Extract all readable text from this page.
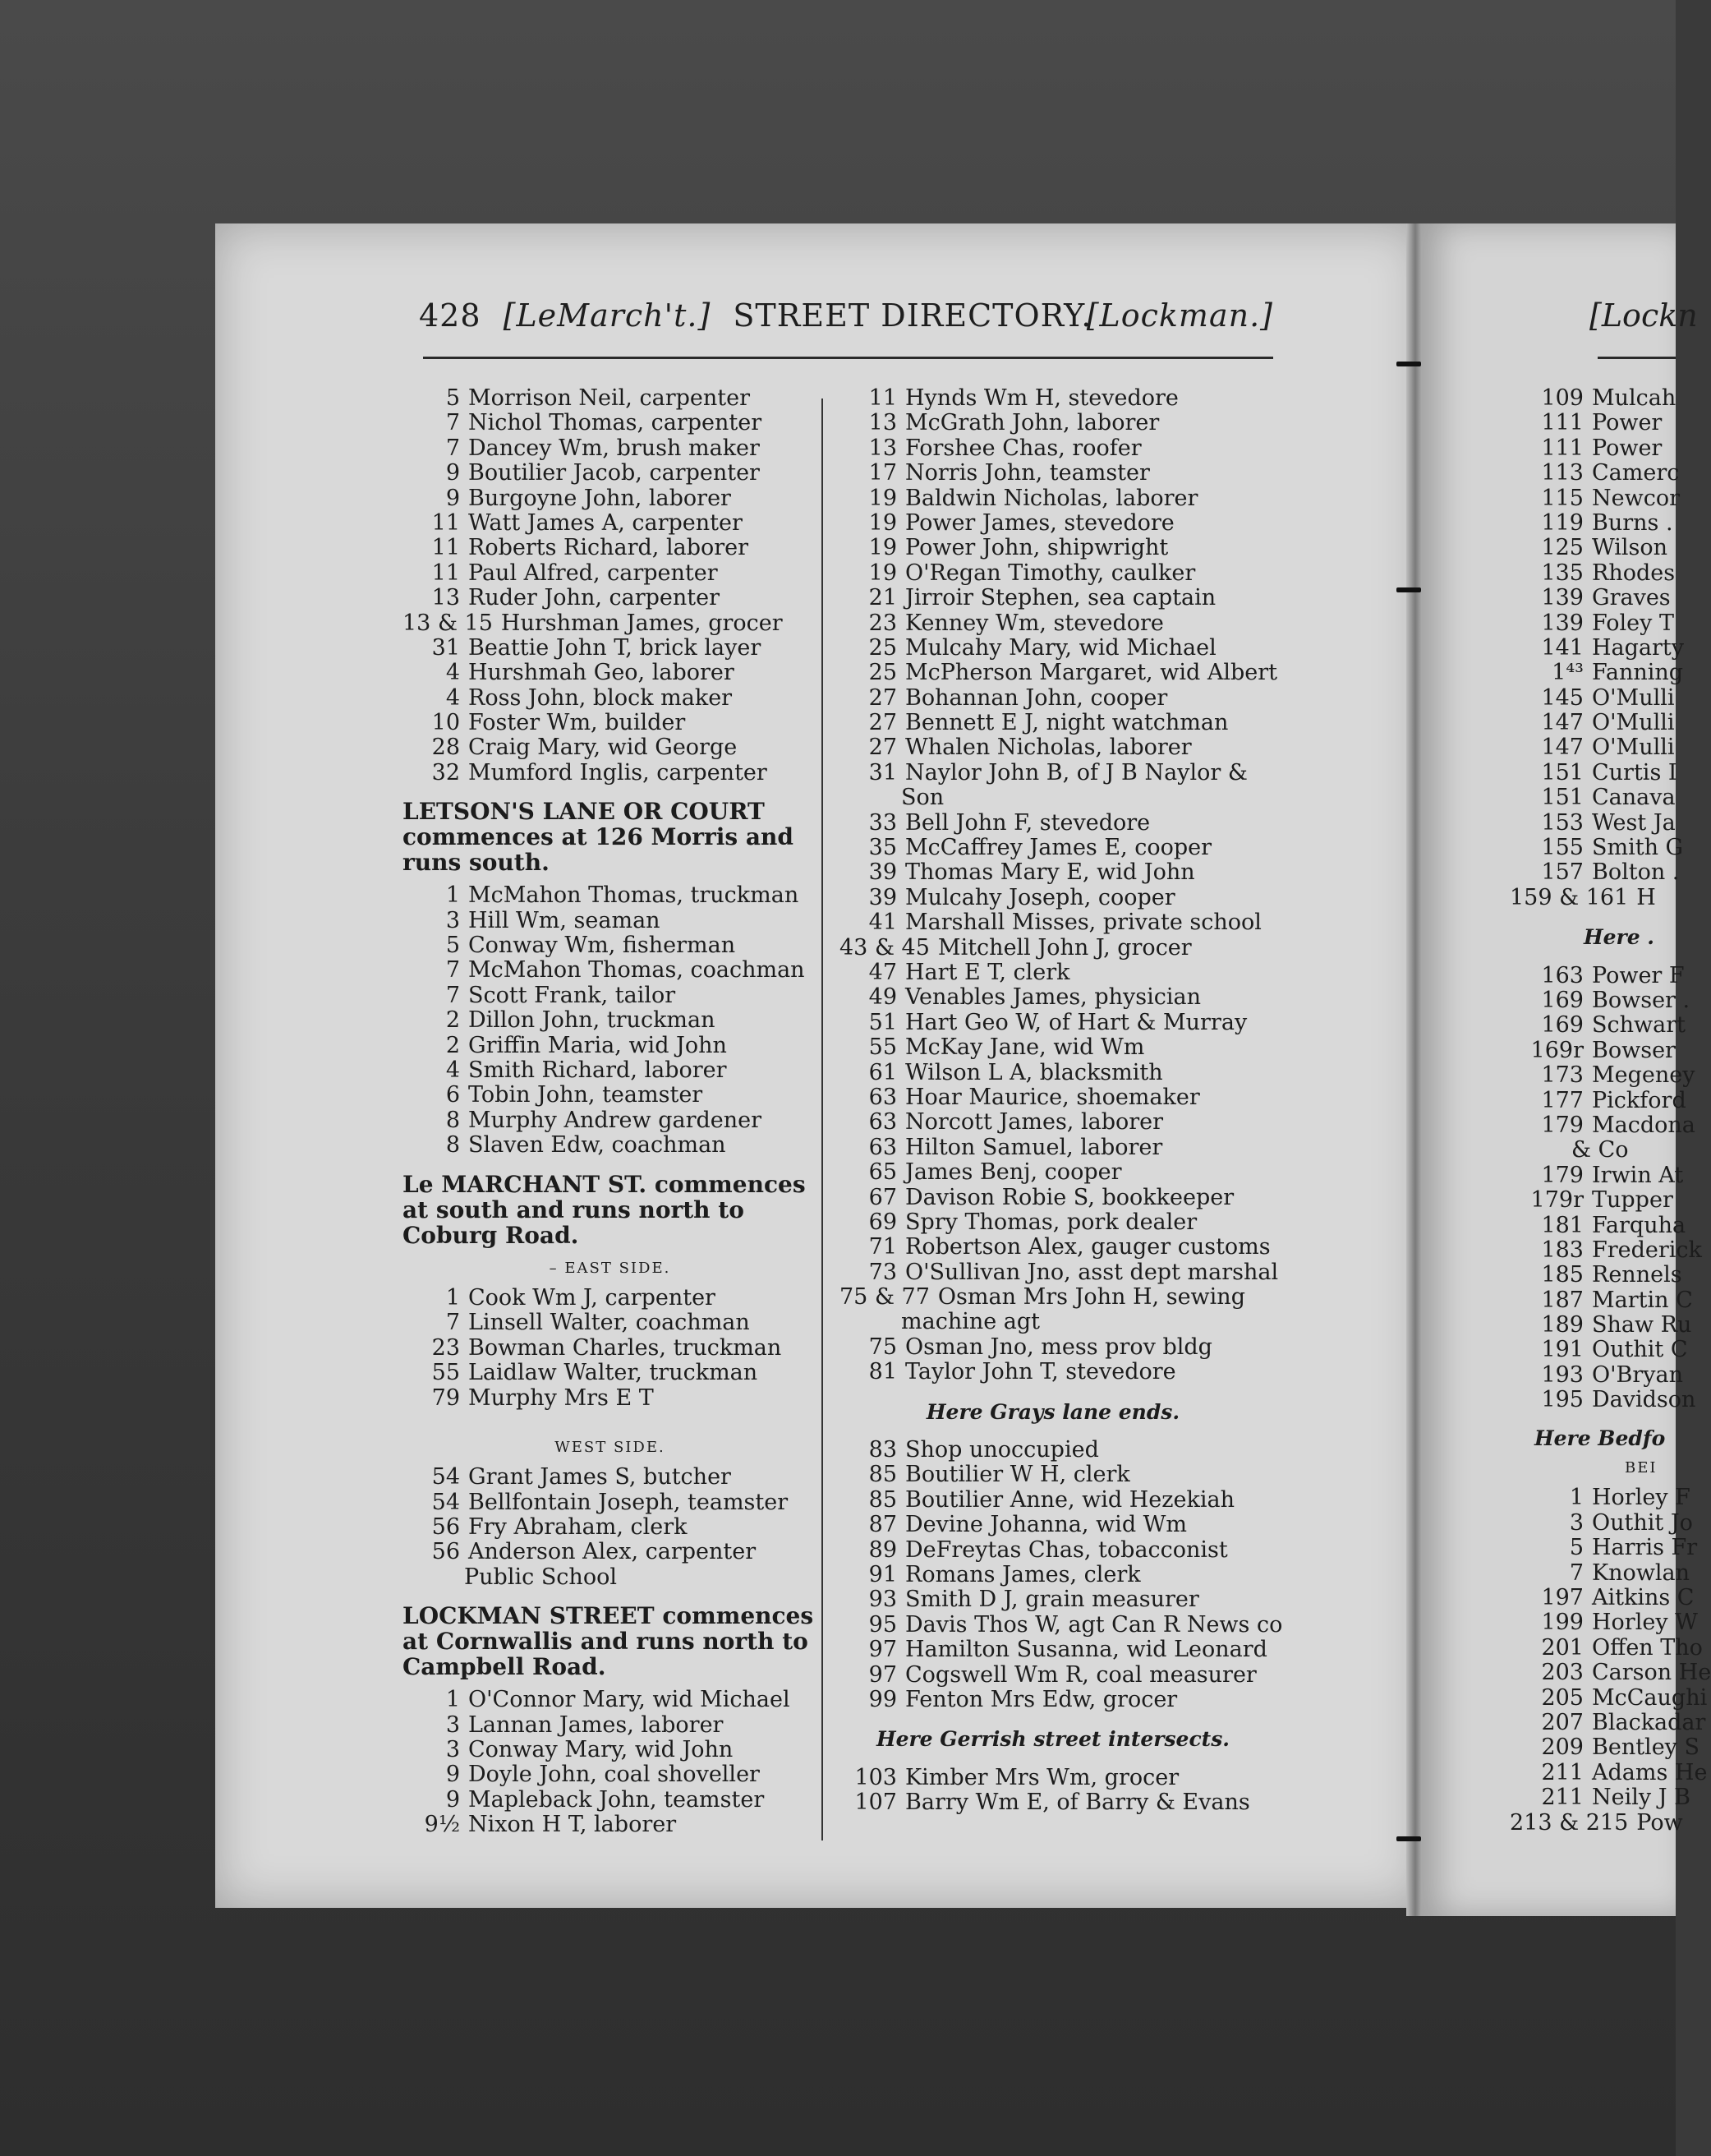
428 [LeMarch't.] STREET DIRECTORY.
[Lockman.]	[Lockn
5 Morrison Neil, carpenter
7 Nichol Thomas, carpenter
7 Dancey Wm, brush maker
9 Boutilier Jacob, carpenter
9 Burgoyne John, laborer
11 Watt James A, carpenter
11 Roberts Richard, laborer
11 Paul Alfred, carpenter
13 Ruder John, carpenter
13 & 15 Hurshman James, grocer
31 Beattie John T, brick layer
4 Hurshmah Geo, laborer
4 Ross John, block maker
10 Foster Wm, builder
28 Craig Mary, wid George
32 Mumford Inglis, carpenter
LETSON'S LANE OR COURT commences at 126 Morris and runs south.
1 McMahon Thomas, truckman
3 Hill Wm, seaman
5 Conway Wm, fisherman
7 McMahon Thomas, coachman
7 Scott Frank, tailor
2 Dillon John, truckman
2 Griffin Maria, wid John
4 Smith Richard, laborer
6 Tobin John, teamster
8 Murphy Andrew gardener
8 Slaven Edw, coachman
Le MARCHANT ST. commences at south and runs north to Coburg Road.
– EAST SIDE.
1 Cook Wm J, carpenter
7 Linsell Walter, coachman
23 Bowman Charles, truckman
55 Laidlaw Walter, truckman
79 Murphy Mrs E T
WEST SIDE.
54 Grant James S, butcher
54 Bellfontain Joseph, teamster
56 Fry Abraham, clerk
56 Anderson Alex, carpenter
Public School
LOCKMAN STREET commences at Cornwallis and runs north to Campbell Road.
1 O'Connor Mary, wid Michael
3 Lannan James, laborer
3 Conway Mary, wid John
9 Doyle John, coal shoveller
9 Mapleback John, teamster
9½ Nixon H T, laborer
11 Hynds Wm H, stevedore
13 McGrath John, laborer
13 Forshee Chas, roofer
17 Norris John, teamster
19 Baldwin Nicholas, laborer
19 Power James, stevedore
19 Power John, shipwright
19 O'Regan Timothy, caulker
21 Jirroir Stephen, sea captain
23 Kenney Wm, stevedore
25 Mulcahy Mary, wid Michael
25 McPherson Margaret, wid Albert
27 Bohannan John, cooper
27 Bennett E J, night watchman
27 Whalen Nicholas, laborer
31 Naylor John B, of J B Naylor &
Son
33 Bell John F, stevedore
35 McCaffrey James E, cooper
39 Thomas Mary E, wid John
39 Mulcahy Joseph, cooper
41 Marshall Misses, private school
43 & 45 Mitchell John J, grocer
47 Hart E T, clerk
49 Venables James, physician
51 Hart Geo W, of Hart & Murray
55 McKay Jane, wid Wm
61 Wilson L A, blacksmith
63 Hoar Maurice, shoemaker
63 Norcott James, laborer
63 Hilton Samuel, laborer
65 James Benj, cooper
67 Davison Robie S, bookkeeper
69 Spry Thomas, pork dealer
71 Robertson Alex, gauger customs
73 O'Sullivan Jno, asst dept marshal
75 & 77 Osman Mrs John H, sewing
machine agt
75 Osman Jno, mess prov bldg
81 Taylor John T, stevedore
Here Grays lane ends.
83 Shop unoccupied
85 Boutilier W H, clerk
85 Boutilier Anne, wid Hezekiah
87 Devine Johanna, wid Wm
89 DeFreytas Chas, tobacconist
91 Romans James, clerk
93 Smith D J, grain measurer
95 Davis Thos W, agt Can R News co
97 Hamilton Susanna, wid Leonard
97 Cogswell Wm R, coal measurer
99 Fenton Mrs Edw, grocer
Here Gerrish street intersects.
103 Kimber Mrs Wm, grocer
107 Barry Wm E, of Barry & Evans
109 Mulcah
111 Power
111 Power
113 Camerc
115 Newcor
119 Burns .
125 Wilson
135 Rhodes
139 Graves
139 Foley T
141 Hagarty
1⁴³ Fanning
145 O'Mulli
147 O'Mulli
147 O'Mulli
151 Curtis I
151 Canava
153 West Ja
155 Smith G
157 Bolton .
159 & 161 H
Here .
163 Power F
169 Bowser .
169 Schwart
169r Bowser
173 Megeney
177 Pickford
179 Macdona
& Co
179 Irwin At
179r Tupper
181 Farquha
183 Frederick
185 Rennels
187 Martin C
189 Shaw Ru
191 Outhit C
193 O'Bryan
195 Davidson
Here Bedfo
BEI
1 Horley F
3 Outhit Jo
5 Harris Fr
7 Knowlan
197 Aitkins C
199 Horley W
201 Offen Tho
203 Carson He
205 McCaughi
207 Blackadar
209 Bentley S
211 Adams He
211 Neily J B
213 & 215 Pow
